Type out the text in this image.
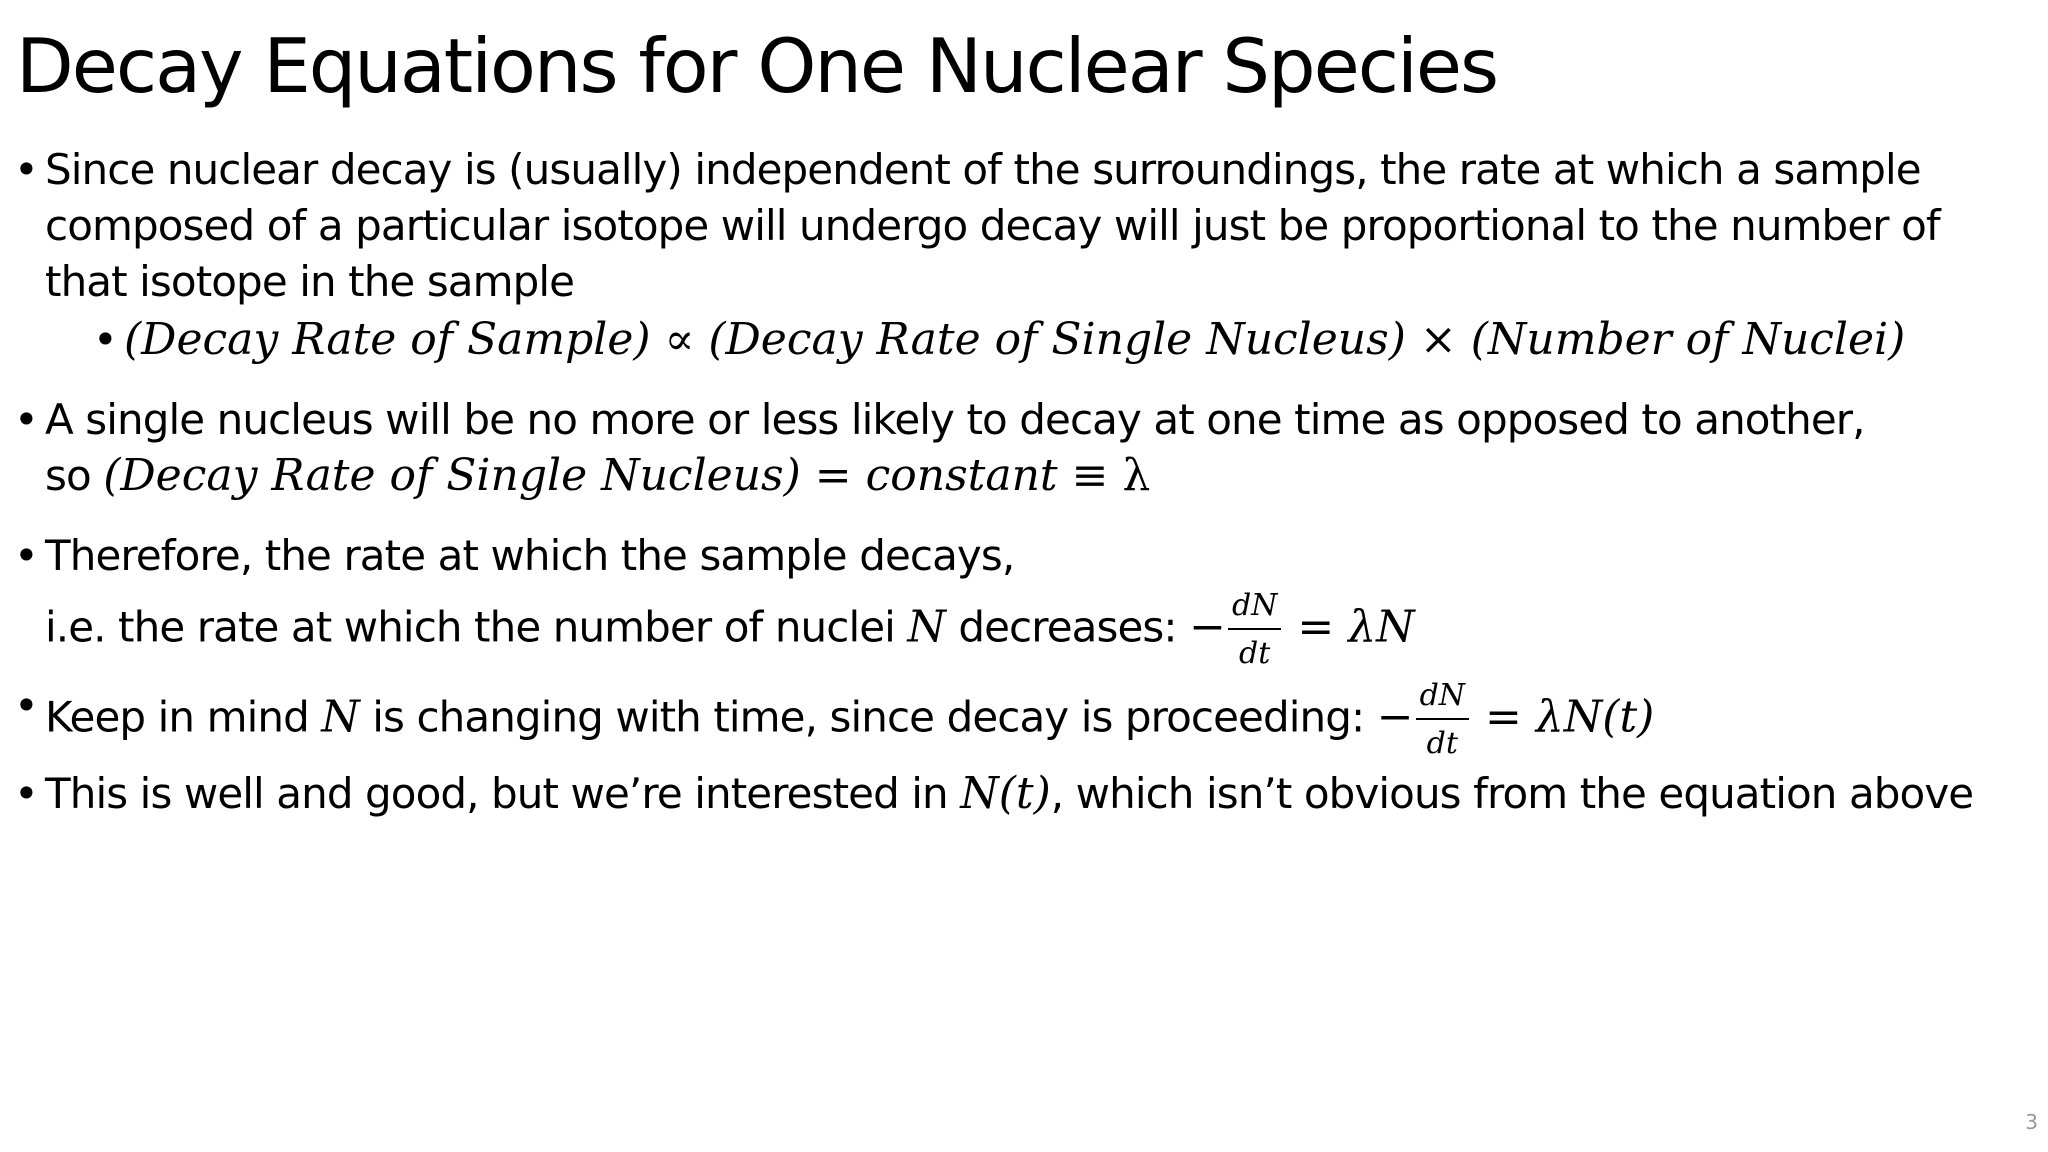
Decay Equations for One Nuclear Species
• Since nuclear decay is (usually) independent of the surroundings, the rate at which a sample
composed of a particular isotope will undergo decay will just be proportional to the number of
that isotope in the sample
• (Decay Rate of Sample) ∝ (Decay Rate of Single Nucleus) × (Number of Nuclei)
• A single nucleus will be no more or less likely to decay at one time as opposed to another,
so (Decay Rate of Single Nucleus) = constant ≡ λ
• Therefore, the rate at which the sample decays,
i.e. the rate at which the number of nuclei N decreases: − $\frac{dN}{dt} = \lambda N$
• Keep in mind N is changing with time, since decay is proceeding: − $\frac{dN}{dt} = \lambda N(t)$
• This is well and good, but we’re interested in N(t), which isn’t obvious from the equation above
3
